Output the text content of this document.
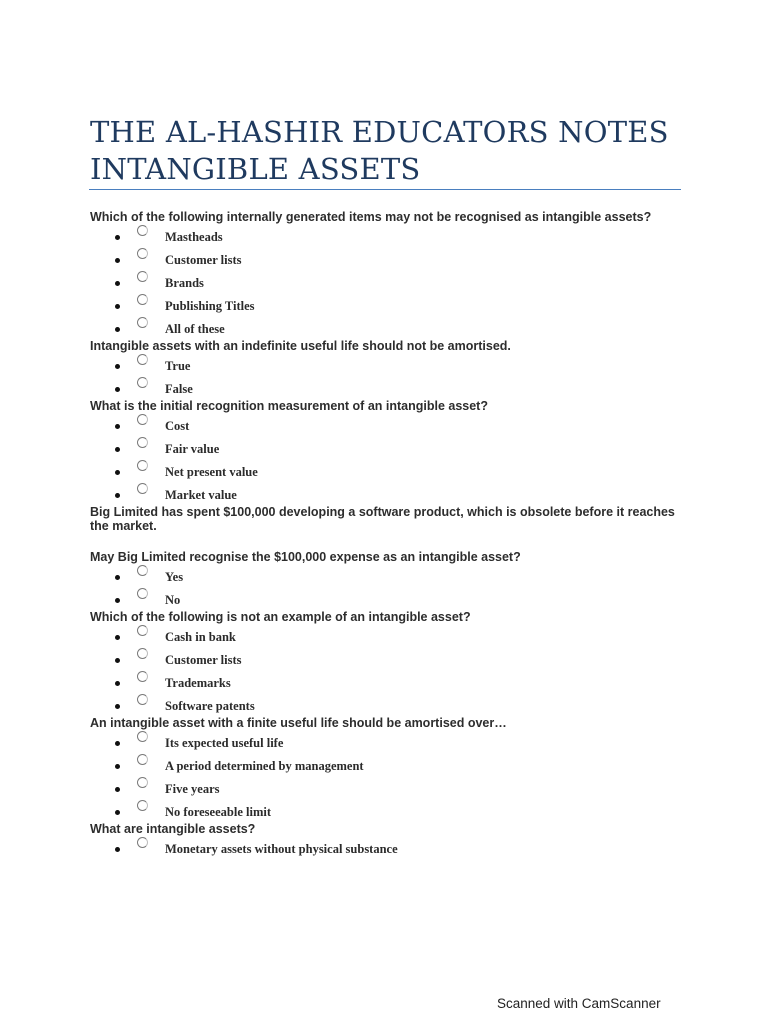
THE AL-HASHIR EDUCATORS NOTES
INTANGIBLE ASSETS

Which of the following internally generated items may not be recognised as intangible assets?

Mastheads
Customer lists
Brands
Publishing Titles
All of these

Intangible assets with an indefinite useful life should not be amortised.

True
False

What is the initial recognition measurement of an intangible asset?

Cost
Fair value
Net present value
Market value

Big Limited has spent $100,000 developing a software product, which is obsolete before it reaches the market.
May Big Limited recognise the $100,000 expense as an intangible asset?

Yes
No

Which of the following is not an example of an intangible asset?

Cash in bank
Customer lists
Trademarks
Software patents

An intangible asset with a finite useful life should be amortised over…

Its expected useful life
A period determined by management
Five years
No foreseeable limit

What are intangible assets?

Monetary assets without physical substance
Scanned with CamScanner
